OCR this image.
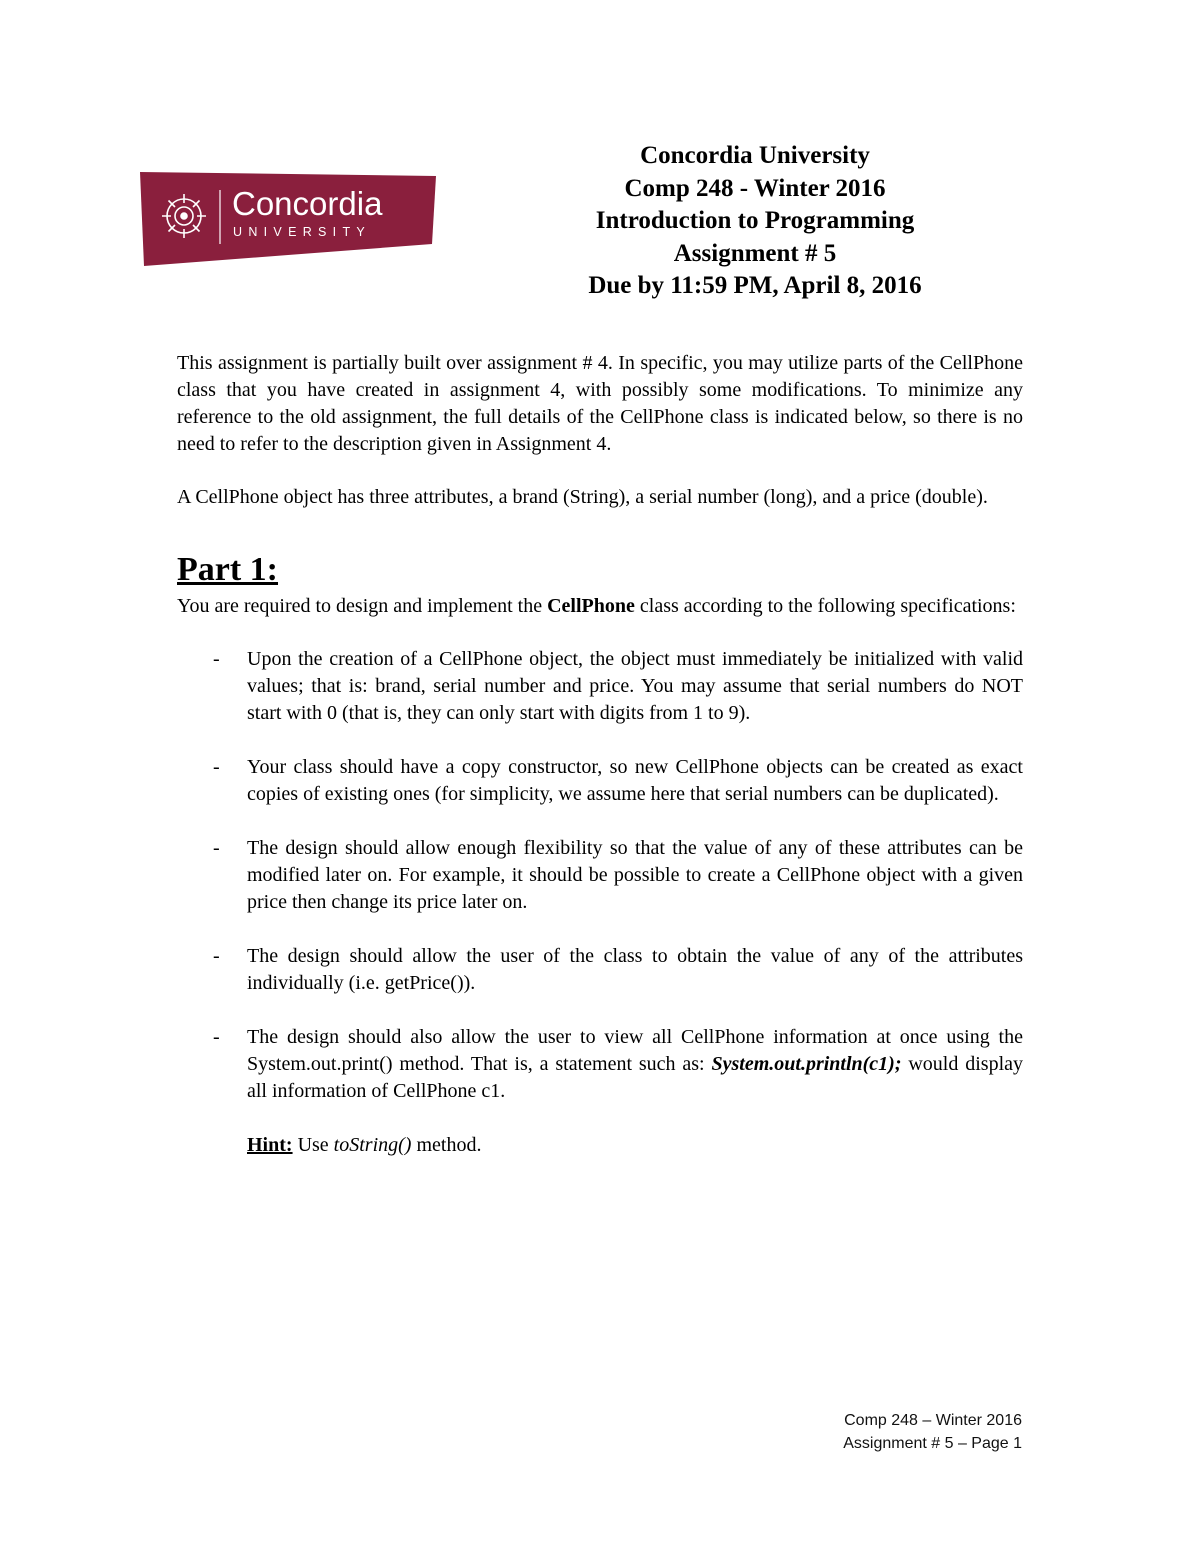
Concordia
UNIVERSITY
Concordia University
Comp 248 - Winter 2016
Introduction to Programming
Assignment # 5
Due by 11:59 PM, April 8, 2016

This assignment is partially built over assignment # 4. In specific, you may utilize parts of the CellPhone class that you have created in assignment 4, with possibly some modifications. To minimize any reference to the old assignment, the full details of the CellPhone class is indicated below, so there is no need to refer to the description given in Assignment 4.

A CellPhone object has three attributes, a brand (String), a serial number (long), and a price (double).

Part 1:

You are required to design and implement the CellPhone class according to the following specifications:

- Upon the creation of a CellPhone object, the object must immediately be initialized with valid values; that is: brand, serial number and price. You may assume that serial numbers do NOT start with 0 (that is, they can only start with digits from 1 to 9).
- Your class should have a copy constructor, so new CellPhone objects can be created as exact copies of existing ones (for simplicity, we assume here that serial numbers can be duplicated).
- The design should allow enough flexibility so that the value of any of these attributes can be modified later on. For example, it should be possible to create a CellPhone object with a given price then change its price later on.
- The design should allow the user of the class to obtain the value of any of the attributes individually (i.e. getPrice()).
- The design should also allow the user to view all CellPhone information at once using the System.out.print() method. That is, a statement such as: System.out.println(c1); would display all information of CellPhone c1.

Hint: Use toString() method.

Comp 248 – Winter 2016
Assignment # 5 – Page 1
